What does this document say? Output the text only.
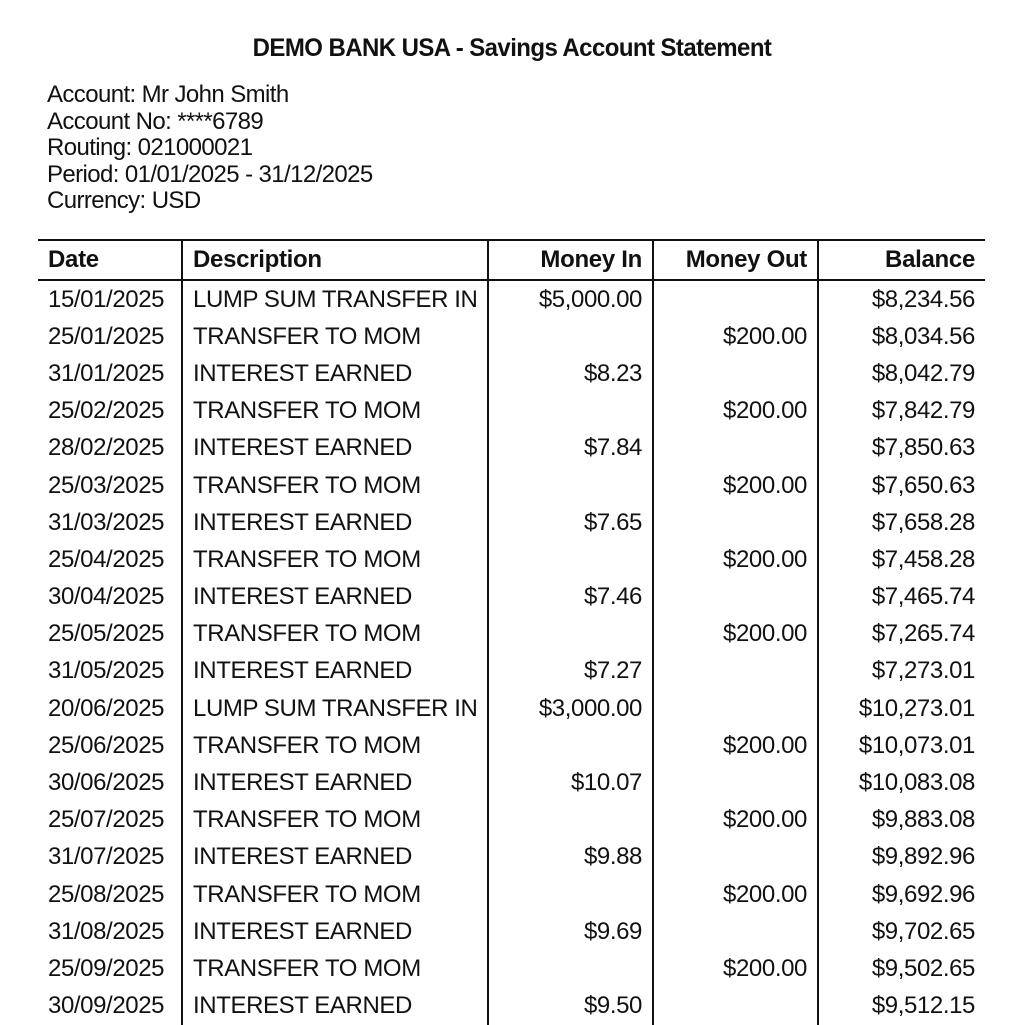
DEMO BANK USA - Savings Account Statement
Account: Mr John Smith
Account No: ****6789
Routing: 021000021
Period: 01/01/2025 - 31/12/2025
Currency: USD
Date	Description	Money In	Money Out	Balance
15/01/2025	LUMP SUM TRANSFER IN	$5,000.00		$8,234.56
25/01/2025	TRANSFER TO MOM		$200.00	$8,034.56
31/01/2025	INTEREST EARNED	$8.23		$8,042.79
25/02/2025	TRANSFER TO MOM		$200.00	$7,842.79
28/02/2025	INTEREST EARNED	$7.84		$7,850.63
25/03/2025	TRANSFER TO MOM		$200.00	$7,650.63
31/03/2025	INTEREST EARNED	$7.65		$7,658.28
25/04/2025	TRANSFER TO MOM		$200.00	$7,458.28
30/04/2025	INTEREST EARNED	$7.46		$7,465.74
25/05/2025	TRANSFER TO MOM		$200.00	$7,265.74
31/05/2025	INTEREST EARNED	$7.27		$7,273.01
20/06/2025	LUMP SUM TRANSFER IN	$3,000.00		$10,273.01
25/06/2025	TRANSFER TO MOM		$200.00	$10,073.01
30/06/2025	INTEREST EARNED	$10.07		$10,083.08
25/07/2025	TRANSFER TO MOM		$200.00	$9,883.08
31/07/2025	INTEREST EARNED	$9.88		$9,892.96
25/08/2025	TRANSFER TO MOM		$200.00	$9,692.96
31/08/2025	INTEREST EARNED	$9.69		$9,702.65
25/09/2025	TRANSFER TO MOM		$200.00	$9,502.65
30/09/2025	INTEREST EARNED	$9.50		$9,512.15
